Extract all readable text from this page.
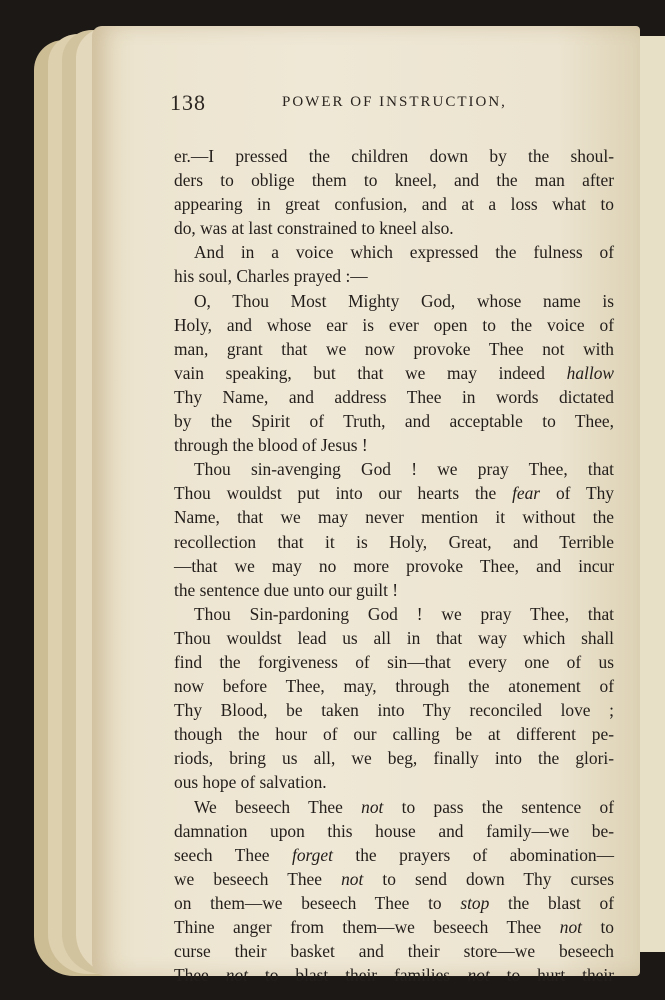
138	POWER OF INSTRUCTION,
er.—I pressed the children down by the shoul-
ders to oblige them to kneel, and the man after
appearing in great confusion, and at a loss what to
do, was at last constrained to kneel also.
And in a voice which expressed the fulness of
his soul, Charles prayed :—
O, Thou Most Mighty God, whose name is
Holy, and whose ear is ever open to the voice of
man, grant that we now provoke Thee not with
vain speaking, but that we may indeed hallow
Thy Name, and address Thee in words dictated
by the Spirit of Truth, and acceptable to Thee,
through the blood of Jesus !
Thou sin-avenging God ! we pray Thee, that
Thou wouldst put into our hearts the fear of Thy
Name, that we may never mention it without the
recollection that it is Holy, Great, and Terrible
—that we may no more provoke Thee, and incur
the sentence due unto our guilt !
Thou Sin-pardoning God ! we pray Thee, that
Thou wouldst lead us all in that way which shall
find the forgiveness of sin—that every one of us
now before Thee, may, through the atonement of
Thy Blood, be taken into Thy reconciled love ;
though the hour of our calling be at different pe-
riods, bring us all, we beg, finally into the glori-
ous hope of salvation.
We beseech Thee not to pass the sentence of
damnation upon this house and family—we be-
seech Thee forget the prayers of abomination—
we beseech Thee not to send down Thy curses
on them—we beseech Thee to stop the blast of
Thine anger from them—we beseech Thee not to
curse their basket and their store—we beseech
Thee not to blast their families—not to hurt their
